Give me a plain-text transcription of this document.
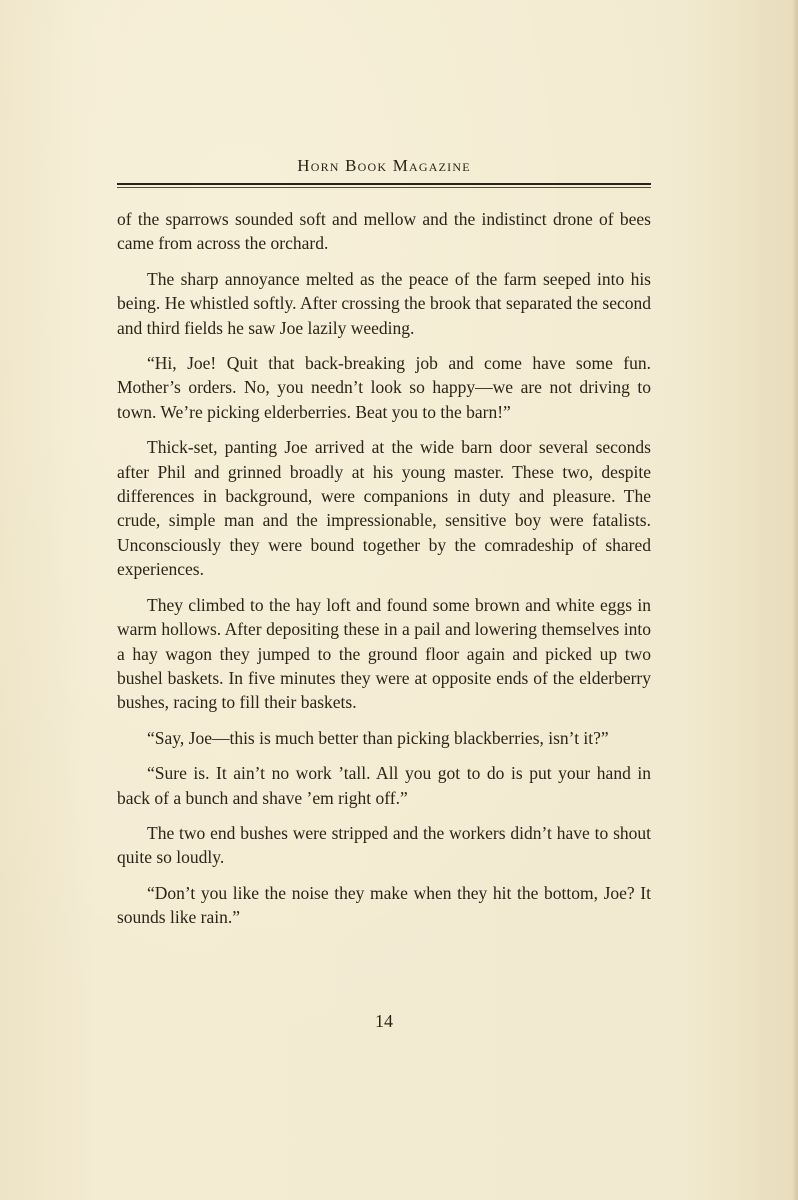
Horn Book Magazine

of the sparrows sounded soft and mellow and the indistinct drone of bees came from across the orchard.

The sharp annoyance melted as the peace of the farm seeped into his being. He whistled softly. After crossing the brook that separated the second and third fields he saw Joe lazily weeding.

“Hi, Joe! Quit that back-breaking job and come have some fun. Mother’s orders. No, you needn’t look so happy—we are not driving to town. We’re picking elderberries. Beat you to the barn!”

Thick-set, panting Joe arrived at the wide barn door several seconds after Phil and grinned broadly at his young master. These two, despite differences in background, were companions in duty and pleasure. The crude, simple man and the impressionable, sensitive boy were fatalists. Unconsciously they were bound together by the comradeship of shared experiences.

They climbed to the hay loft and found some brown and white eggs in warm hollows. After depositing these in a pail and lowering themselves into a hay wagon they jumped to the ground floor again and picked up two bushel baskets. In five minutes they were at opposite ends of the elderberry bushes, racing to fill their baskets.

“Say, Joe—this is much better than picking blackberries, isn’t it?”

“Sure is. It ain’t no work ’tall. All you got to do is put your hand in back of a bunch and shave ’em right off.”

The two end bushes were stripped and the workers didn’t have to shout quite so loudly.

“Don’t you like the noise they make when they hit the bottom, Joe? It sounds like rain.”

14
